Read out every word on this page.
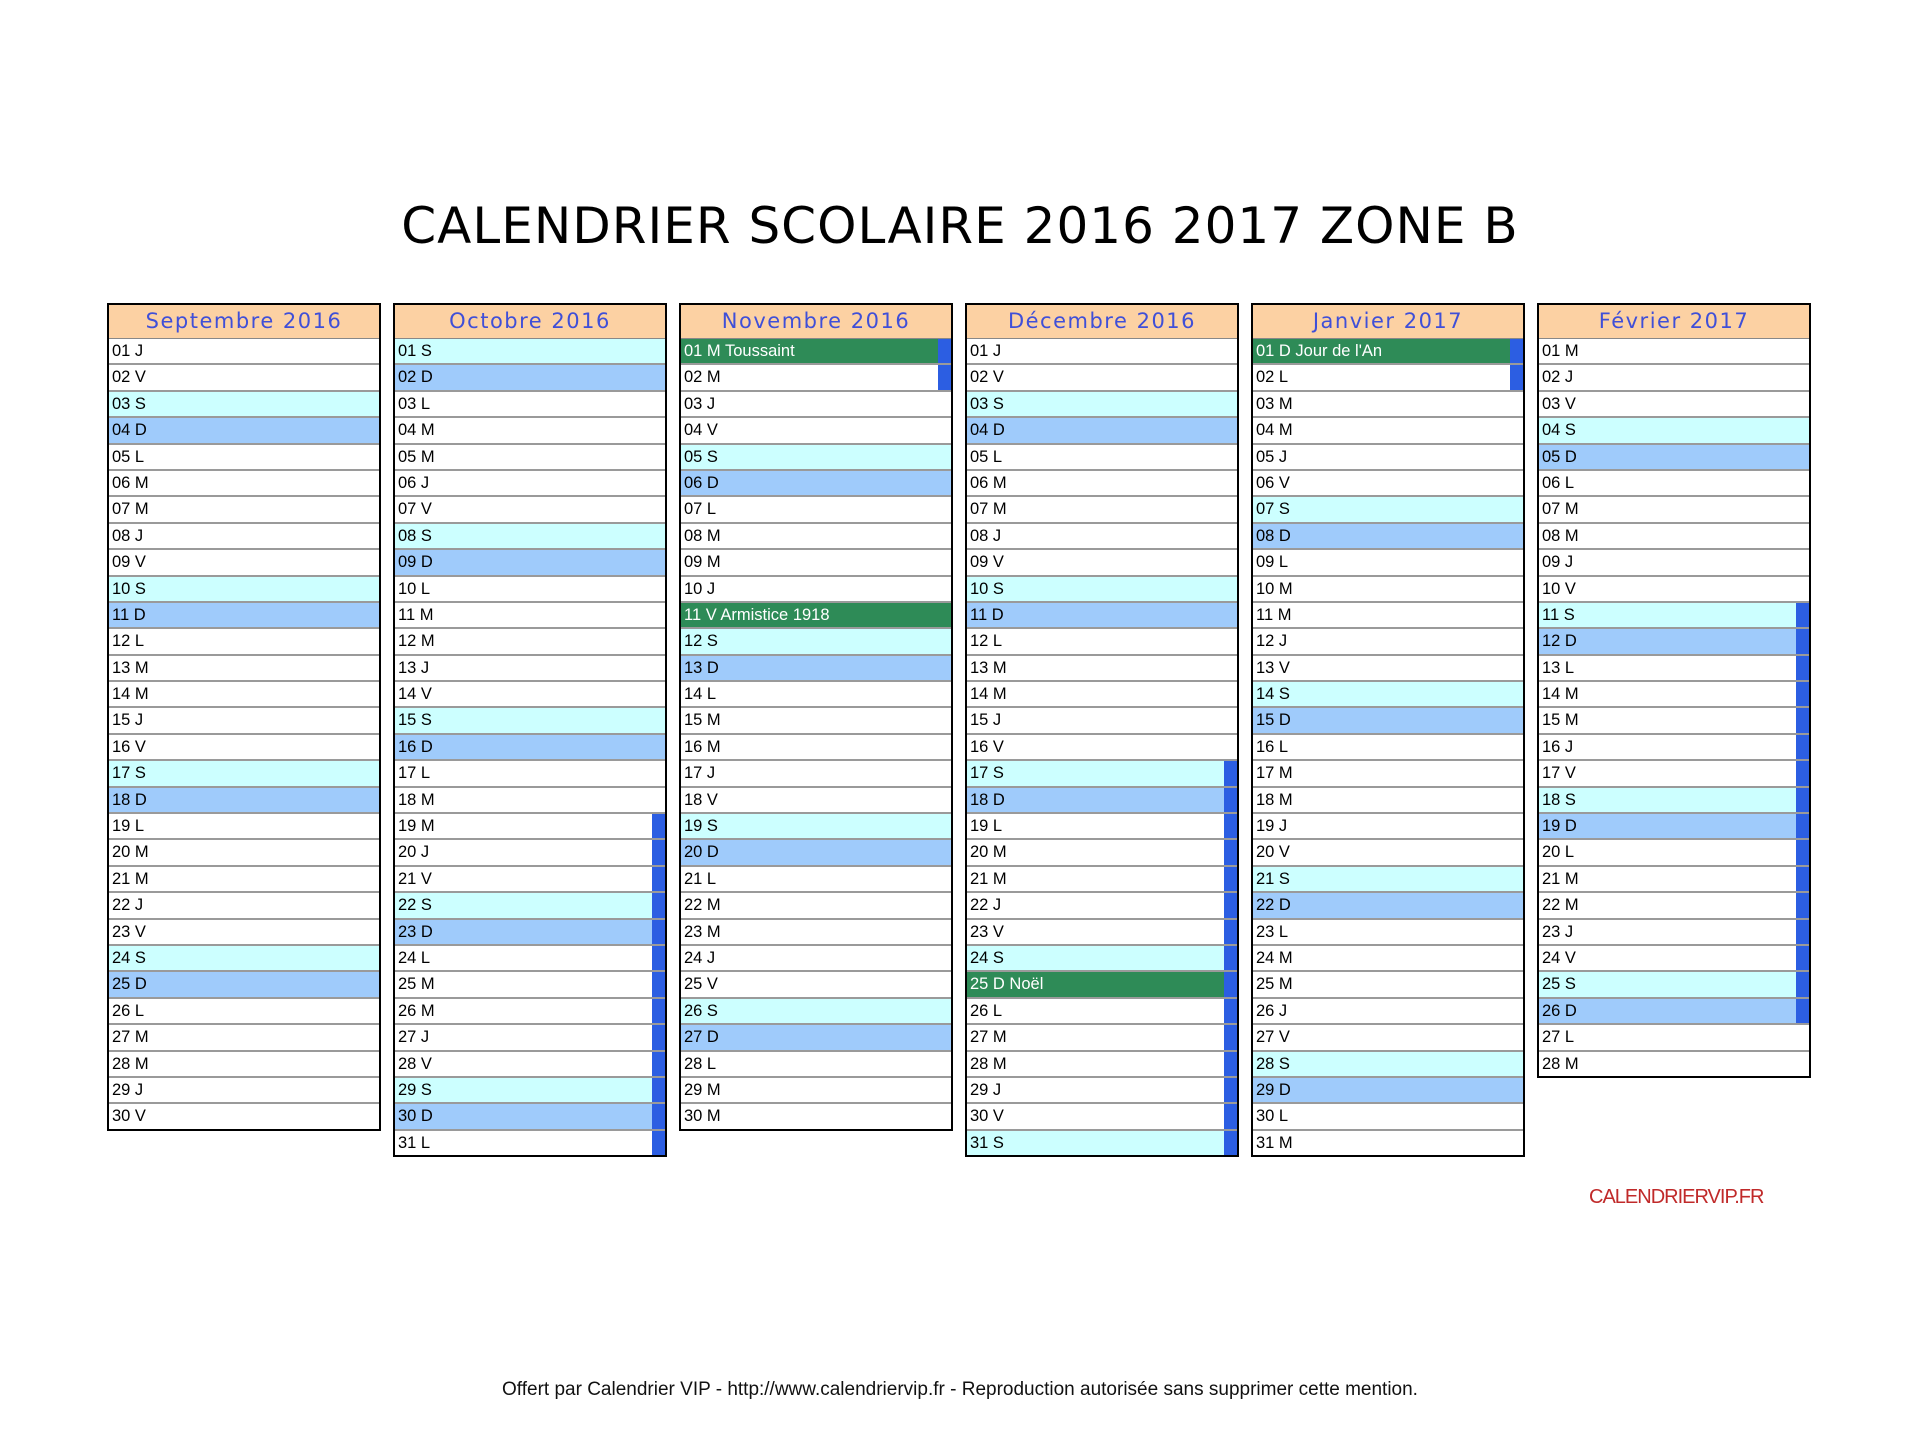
CALENDRIER SCOLAIRE 2016 2017 ZONE B
Septembre 2016
01 J
02 V
03 S
04 D
05 L
06 M
07 M
08 J
09 V
10 S
11 D
12 L
13 M
14 M
15 J
16 V
17 S
18 D
19 L
20 M
21 M
22 J
23 V
24 S
25 D
26 L
27 M
28 M
29 J
30 V
Octobre 2016
01 S
02 D
03 L
04 M
05 M
06 J
07 V
08 S
09 D
10 L
11 M
12 M
13 J
14 V
15 S
16 D
17 L
18 M
19 M
20 J
21 V
22 S
23 D
24 L
25 M
26 M
27 J
28 V
29 S
30 D
31 L
Novembre 2016
01 M Toussaint
02 M
03 J
04 V
05 S
06 D
07 L
08 M
09 M
10 J
11 V Armistice 1918
12 S
13 D
14 L
15 M
16 M
17 J
18 V
19 S
20 D
21 L
22 M
23 M
24 J
25 V
26 S
27 D
28 L
29 M
30 M
Décembre 2016
01 J
02 V
03 S
04 D
05 L
06 M
07 M
08 J
09 V
10 S
11 D
12 L
13 M
14 M
15 J
16 V
17 S
18 D
19 L
20 M
21 M
22 J
23 V
24 S
25 D Noël
26 L
27 M
28 M
29 J
30 V
31 S
Janvier 2017
01 D Jour de l'An
02 L
03 M
04 M
05 J
06 V
07 S
08 D
09 L
10 M
11 M
12 J
13 V
14 S
15 D
16 L
17 M
18 M
19 J
20 V
21 S
22 D
23 L
24 M
25 M
26 J
27 V
28 S
29 D
30 L
31 M
Février 2017
01 M
02 J
03 V
04 S
05 D
06 L
07 M
08 M
09 J
10 V
11 S
12 D
13 L
14 M
15 M
16 J
17 V
18 S
19 D
20 L
21 M
22 M
23 J
24 V
25 S
26 D
27 L
28 M
CALENDRIERVIP.FR
Offert par Calendrier VIP - http://www.calendriervip.fr - Reproduction autorisée sans supprimer cette mention.
